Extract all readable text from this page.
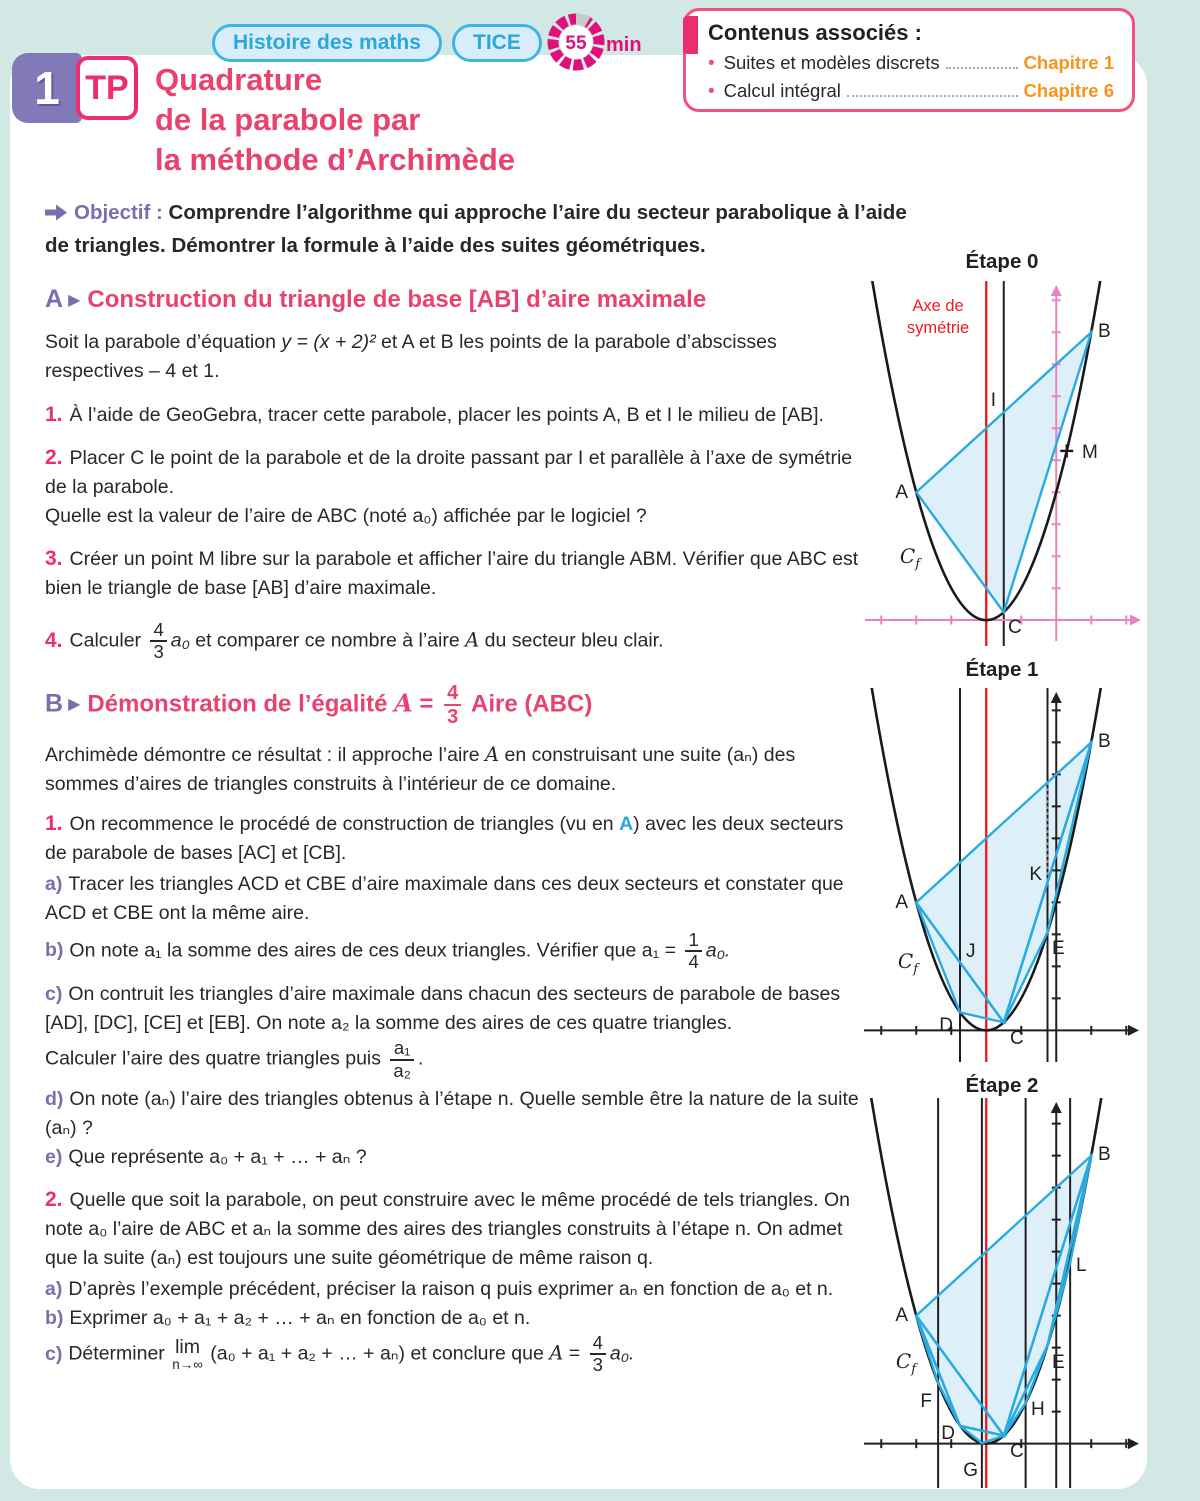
1 TP Quadrature
de la parabole par
la méthode d’Archimède
Histoire des maths	TICE	55 min	Contenus associés :
• Suites et modèles discrets	Chapitre 1
• Calcul intégral	Chapitre 6
Objectif : Comprendre l’algorithme qui approche l’aire du secteur parabolique à l’aide de triangles. Démontrer la formule à l’aide des suites géométriques.
A ▶ Construction du triangle de base [AB] d’aire maximale
Soit la parabole d’équation y = (x + 2)² et A et B les points de la parabole d’abscisses respectives – 4 et 1.
1. À l’aide de GeoGebra, tracer cette parabole, placer les points A, B et I le milieu de [AB].
2. Placer C le point de la parabole et de la droite passant par I et parallèle à l’axe de symétrie de la parabole.
Quelle est la valeur de l’aire de ABC (noté a₀) affichée par le logiciel ?
3. Créer un point M libre sur la parabole et afficher l’aire du triangle ABM. Vérifier que ABC est bien le triangle de base [AB] d’aire maximale.
4. Calculer $\frac{4}{3} a_0$ et comparer ce nombre à l’aire A du secteur bleu clair.
B ▶ Démonstration de l’égalité $A = \frac{4}{3}$ Aire (ABC)
Archimède démontre ce résultat : il approche l’aire A en construisant une suite (aₙ) des sommes d’aires de triangles construits à l’intérieur de ce domaine.
1. On recommence le procédé de construction de triangles (vu en A) avec les deux secteurs de parabole de bases [AC] et [CB].
a) Tracer les triangles ACD et CBE d’aire maximale dans ces deux secteurs et constater que ACD et CBE ont la même aire.
b) On note a₁ la somme des aires de ces deux triangles. Vérifier que $a_1 = \frac{1}{4} a_0$.
c) On contruit les triangles d’aire maximale dans chacun des secteurs de parabole de bases [AD], [DC], [CE] et [EB]. On note a₂ la somme des aires de ces quatre triangles.
Calculer l’aire des quatre triangles puis $\frac{\text{a₁}}{\text{a₂}}$ .
d) On note (aₙ) l’aire des triangles obtenus à l’étape n. Quelle semble être la nature de la suite (aₙ) ?
e) Que représente a₀ + a₁ + … + aₙ ?
2. Quelle que soit la parabole, on peut construire avec le même procédé de tels triangles. On note a₀ l’aire de ABC et aₙ la somme des aires des triangles construits à l’étape n. On admet que la suite (aₙ) est toujours une suite géométrique de même raison q.
a) D’après l’exemple précédent, préciser la raison q puis exprimer aₙ en fonction de a₀ et n.
b) Exprimer a₀ + a₁ + a₂ + … + aₙ en fonction de a₀ et n.
c) Déterminer lim
n→∞ (a₀ + a₁ + a₂ + … + aₙ) et conclure que $A = \frac{4}{3} a_0$.
Étape 0
A
B
C
I
M
Axe de
symétrie
$C_f$
Étape 1
A
B
C
D
E
J
K
$C_f$
Étape 2
A
B
C
D
E
F
G
H
L
$C_f$
